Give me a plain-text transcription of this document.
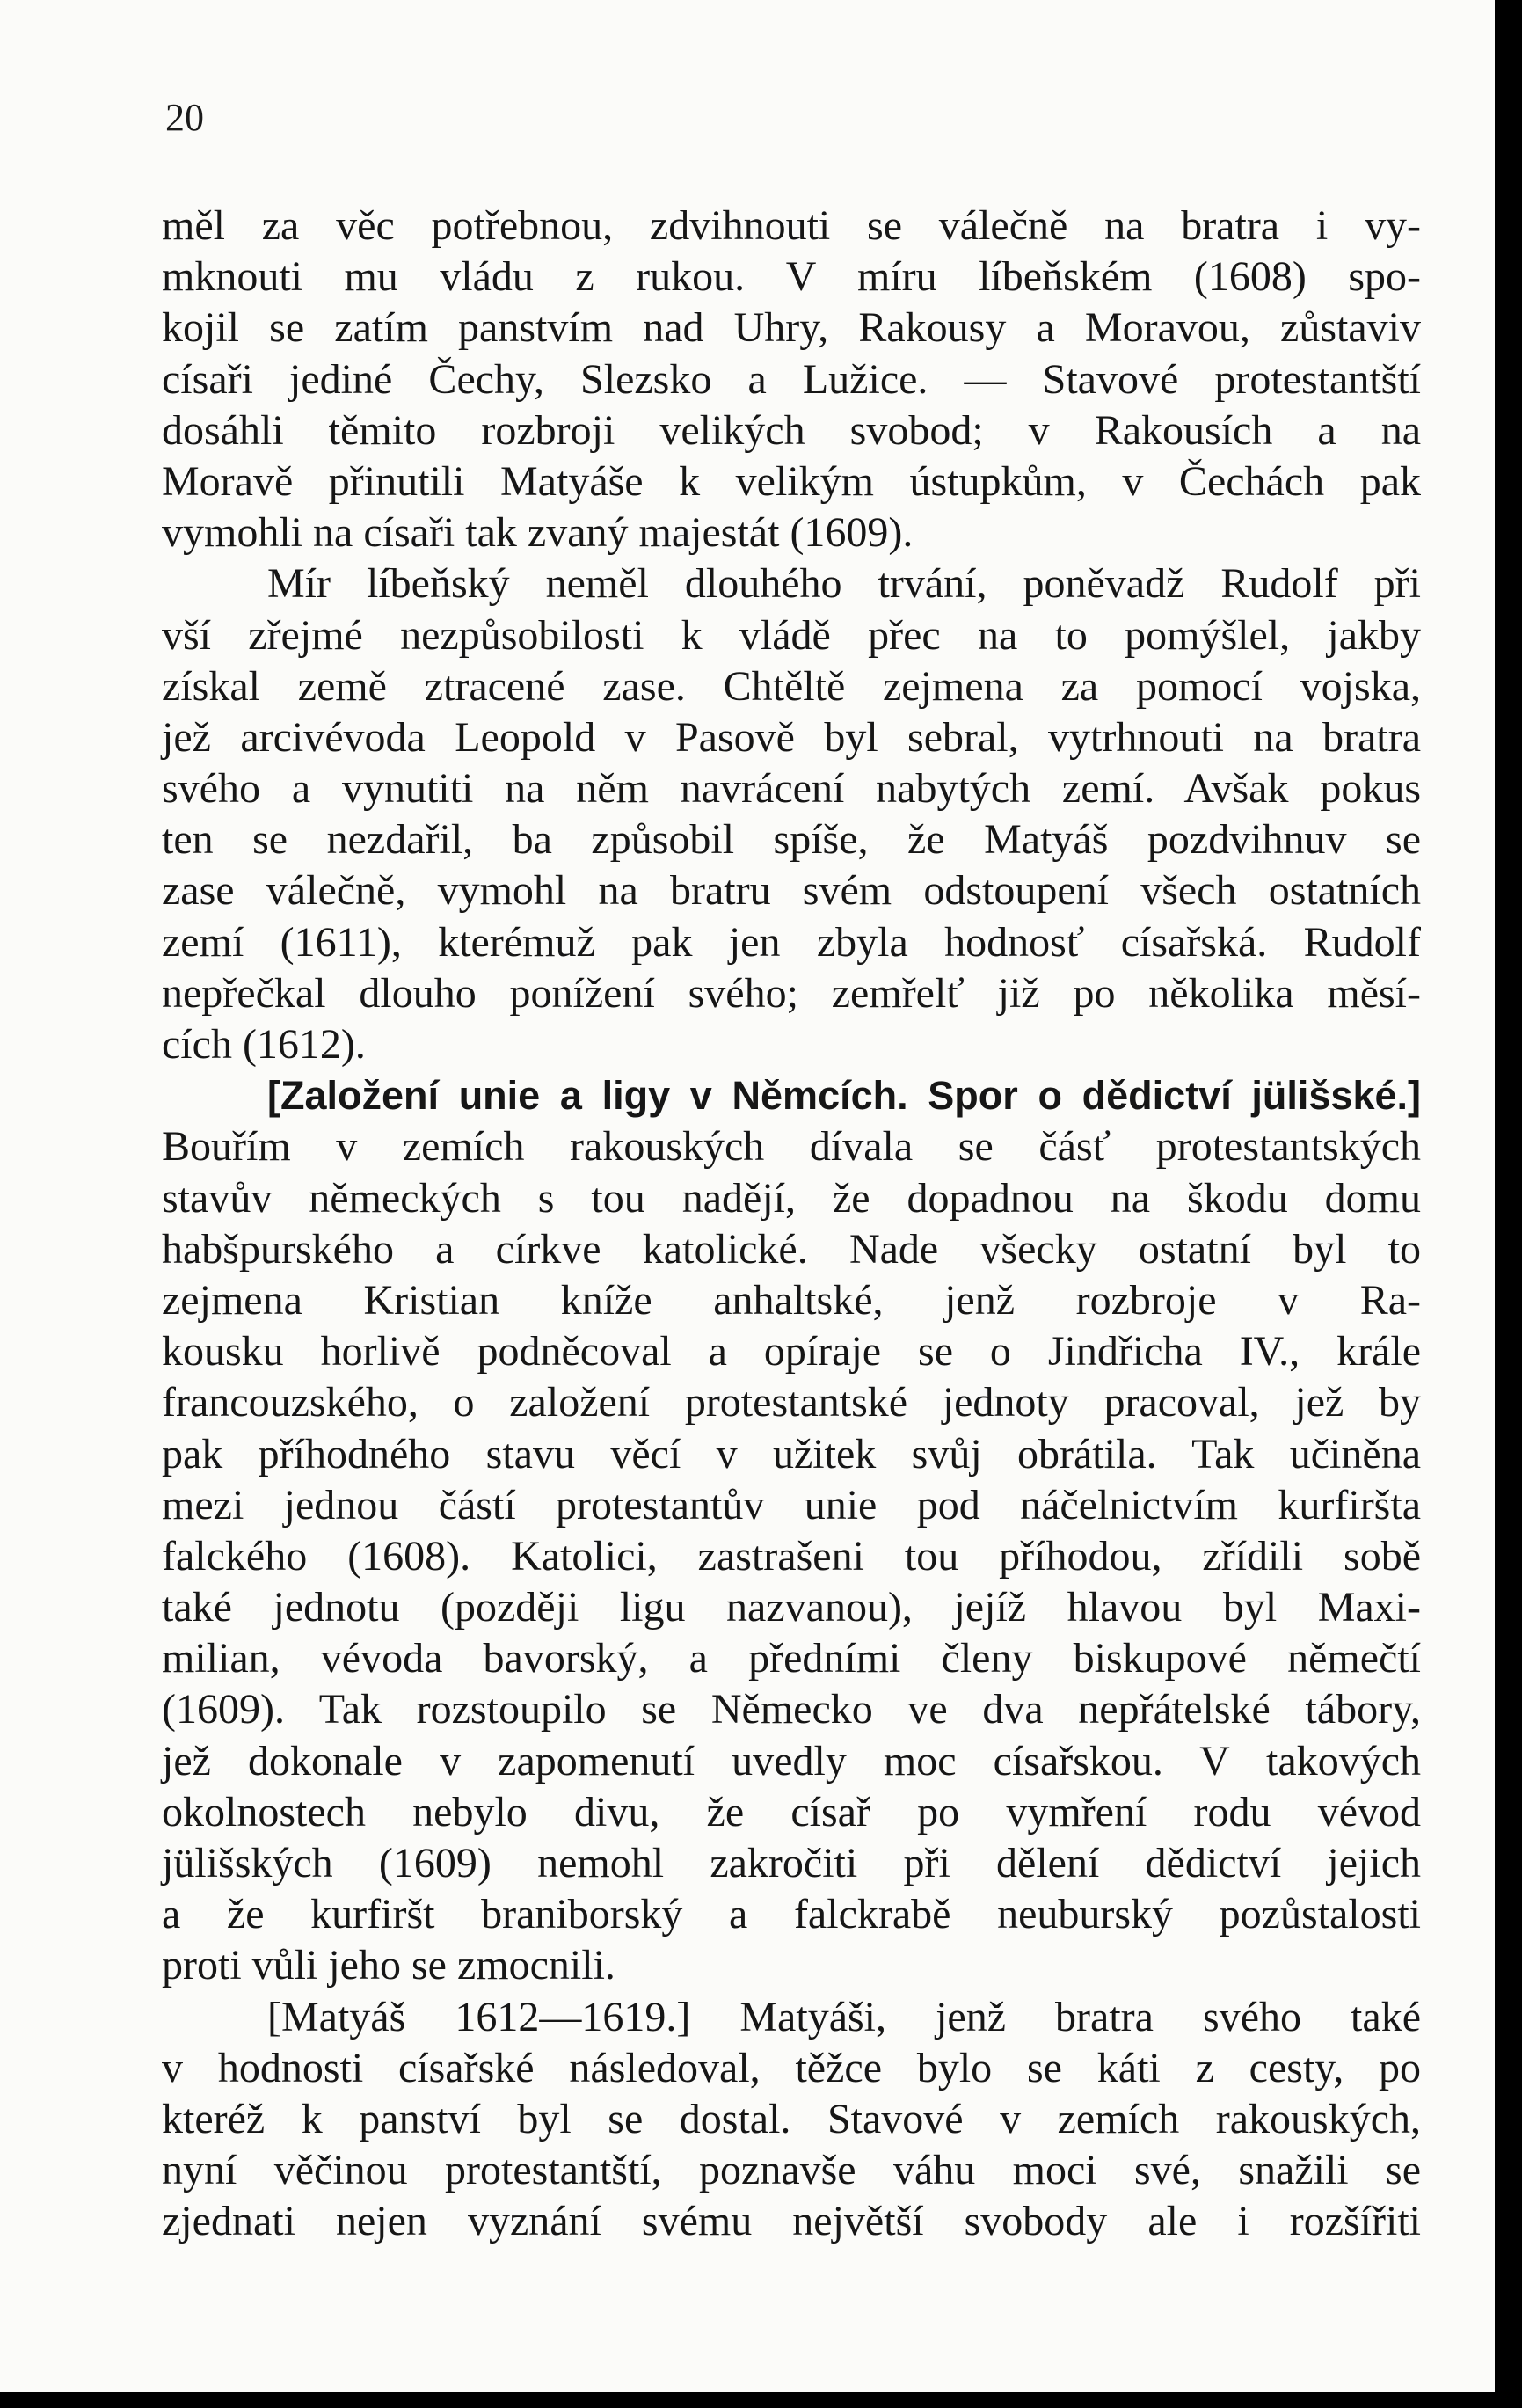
20

měl za věc potřebnou, zdvihnouti se válečně na bratra i vy-
mknouti mu vládu z rukou. V míru líbeňském (1608) spo-
kojil se zatím panstvím nad Uhry, Rakousy a Moravou, zůstaviv
císaři jediné Čechy, Slezsko a Lužice. — Stavové protestantští
dosáhli těmito rozbroji velikých svobod; v Rakousích a na
Moravě přinutili Matyáše k velikým ústupkům, v Čechách pak
vymohli na císaři tak zvaný majestát (1609).
Mír líbeňský neměl dlouhého trvání, poněvadž Rudolf při
vší zřejmé nezpůsobilosti k vládě přec na to pomýšlel, jakby
získal země ztracené zase. Chtěltě zejmena za pomocí vojska,
jež arcivévoda Leopold v Pasově byl sebral, vytrhnouti na bratra
svého a vynutiti na něm navrácení nabytých zemí. Avšak pokus
ten se nezdařil, ba způsobil spíše, že Matyáš pozdvihnuv se
zase válečně, vymohl na bratru svém odstoupení všech ostatních
zemí (1611), kterémuž pak jen zbyla hodnosť císařská. Rudolf
nepřečkal dlouho ponížení svého; zemřelť již po několika měsí-
cích (1612).
[Založení unie a ligy v Němcích. Spor o dědictví jülišské.]
Bouřím v zemích rakouských dívala se čásť protestantských
stavův německých s tou nadějí, že dopadnou na škodu domu
habšpurského a církve katolické. Nade všecky ostatní byl to
zejmena Kristian kníže anhaltské, jenž rozbroje v Ra-
kousku horlivě podněcoval a opíraje se o Jindřicha IV., krále
francouzského, o založení protestantské jednoty pracoval, jež by
pak příhodného stavu věcí v užitek svůj obrátila. Tak učiněna
mezi jednou částí protestantův unie pod náčelnictvím kurfiršta
falckého (1608). Katolici, zastrašeni tou příhodou, zřídili sobě
také jednotu (později ligu nazvanou), jejíž hlavou byl Maxi-
milian, vévoda bavorský, a předními členy biskupové němečtí
(1609). Tak rozstoupilo se Německo ve dva nepřátelské tábory,
jež dokonale v zapomenutí uvedly moc císařskou. V takových
okolnostech nebylo divu, že císař po vymření rodu vévod
jülišských (1609) nemohl zakročiti při dělení dědictví jejich
a že kurfiršt braniborský a falckrabě neuburský pozůstalosti
proti vůli jeho se zmocnili.
[Matyáš 1612—1619.] Matyáši, jenž bratra svého také
v hodnosti císařské následoval, těžce bylo se káti z cesty, po
kteréž k panství byl se dostal. Stavové v zemích rakouských,
nyní věčinou protestantští, poznavše váhu moci své, snažili se
zjednati nejen vyznání svému největší svobody ale i rozšířiti
